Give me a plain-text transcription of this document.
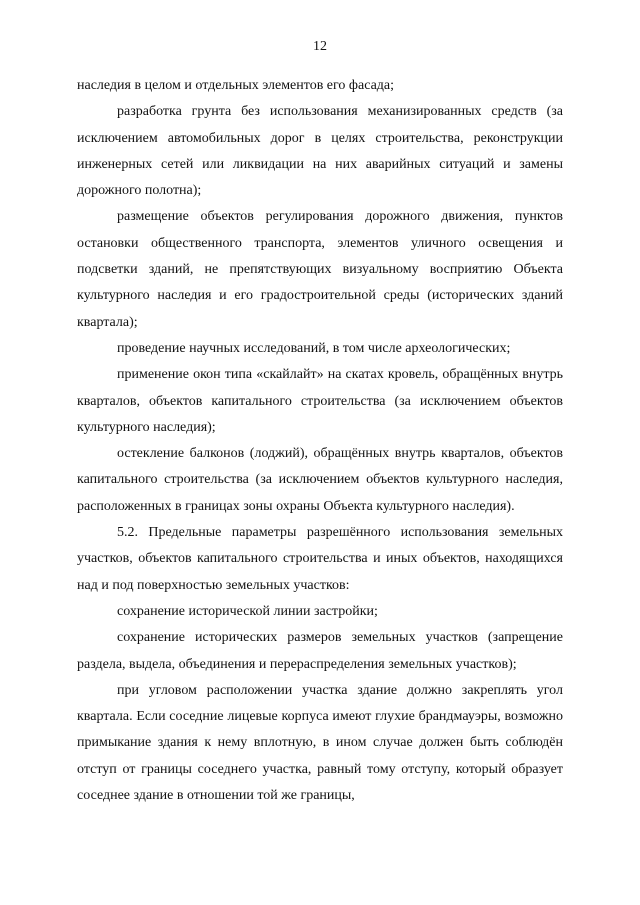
12

наследия в целом и отдельных элементов его фасада;

разработка грунта без использования механизированных средств (за исключением автомобильных дорог в целях строительства, реконструкции инженерных сетей или ликвидации на них аварийных ситуаций и замены дорожного полотна);

размещение объектов регулирования дорожного движения, пунктов остановки общественного транспорта, элементов уличного освещения и подсветки зданий, не препятствующих визуальному восприятию Объекта культурного наследия и его градостроительной среды (исторических зданий квартала);

проведение научных исследований, в том числе археологических;

применение окон типа «скайлайт» на скатах кровель, обращённых внутрь кварталов, объектов капитального строительства (за исключением объектов культурного наследия);

остекление балконов (лоджий), обращённых внутрь кварталов, объектов капитального строительства (за исключением объектов культурного наследия, расположенных в границах зоны охраны Объекта культурного наследия).

5.2. Предельные параметры разрешённого использования земельных участков, объектов капитального строительства и иных объектов, находящихся над и под поверхностью земельных участков:

сохранение исторической линии застройки;

сохранение исторических размеров земельных участков (запрещение раздела, выдела, объединения и перераспределения земельных участков);

при угловом расположении участка здание должно закреплять угол квартала. Если соседние лицевые корпуса имеют глухие брандмауэры, возможно примыкание здания к нему вплотную, в ином случае должен быть соблюдён отступ от границы соседнего участка, равный тому отступу, который образует соседнее здание в отношении той же границы,
